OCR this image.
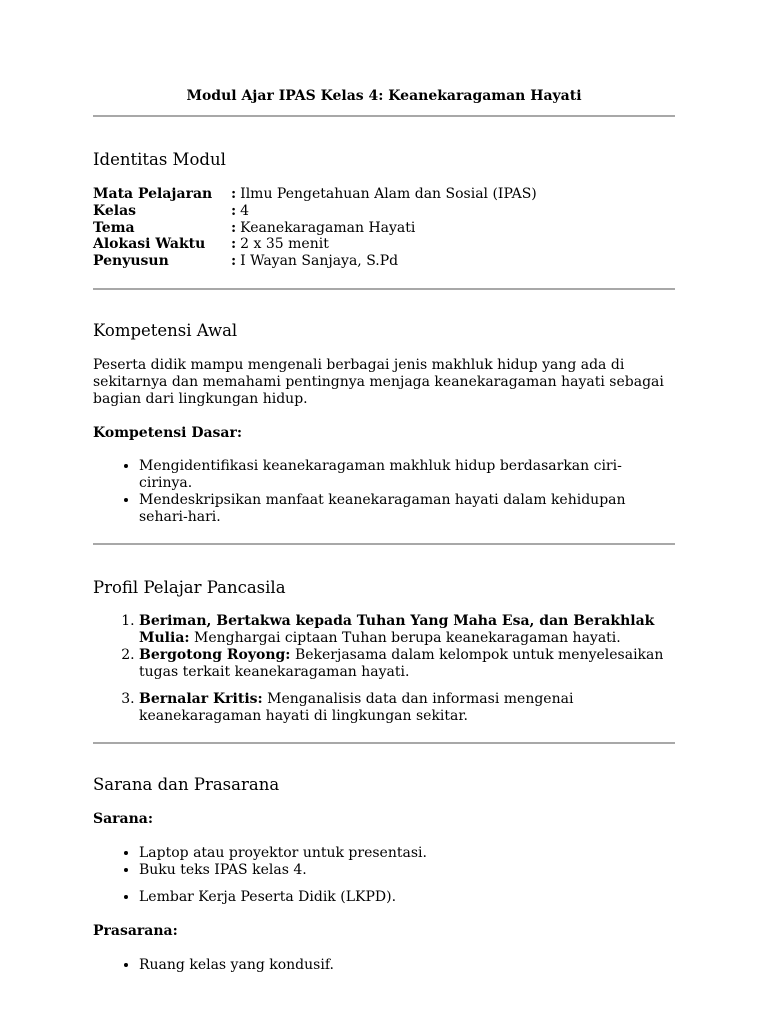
Modul Ajar IPAS Kelas 4: Keanekaragaman Hayati
Identitas Modul
Mata Pelajaran	: Ilmu Pengetahuan Alam dan Sosial (IPAS)
Kelas	: 4
Tema	: Keanekaragaman Hayati
Alokasi Waktu	: 2 x 35 menit
Penyusun	: I Wayan Sanjaya, S.Pd
Kompetensi Awal

Peserta didik mampu mengenali berbagai jenis makhluk hidup yang ada di sekitarnya dan memahami pentingnya menjaga keanekaragaman hayati sebagai bagian dari lingkungan hidup.

Kompetensi Dasar:

• Mengidentifikasi keanekaragaman makhluk hidup berdasarkan ciri-cirinya.
• Mendeskripsikan manfaat keanekaragaman hayati dalam kehidupan sehari-hari.
Profil Pelajar Pancasila
1. Beriman, Bertakwa kepada Tuhan Yang Maha Esa, dan Berakhlak Mulia: Menghargai ciptaan Tuhan berupa keanekaragaman hayati.
2. Bergotong Royong: Bekerjasama dalam kelompok untuk menyelesaikan tugas terkait keanekaragaman hayati.
3. Bernalar Kritis: Menganalisis data dan informasi mengenai keanekaragaman hayati di lingkungan sekitar.
Sarana dan Prasarana

Sarana:

• Laptop atau proyektor untuk presentasi.
• Buku teks IPAS kelas 4.
• Lembar Kerja Peserta Didik (LKPD).

Prasarana:

• Ruang kelas yang kondusif.
